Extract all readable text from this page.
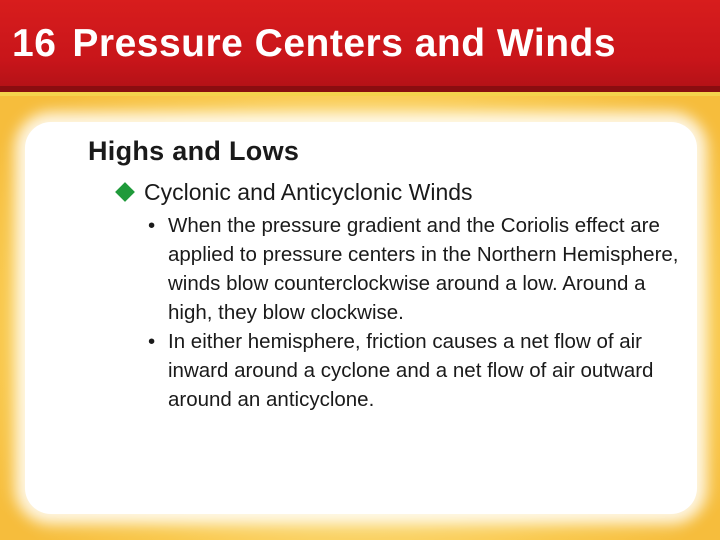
16 Pressure Centers and Winds
Highs and Lows
Cyclonic and Anticyclonic Winds
• When the pressure gradient and the Coriolis effect are applied to pressure centers in the Northern Hemisphere, winds blow counterclockwise around a low. Around a high, they blow clockwise.
• In either hemisphere, friction causes a net flow of air inward around a cyclone and a net flow of air outward around an anticyclone.
